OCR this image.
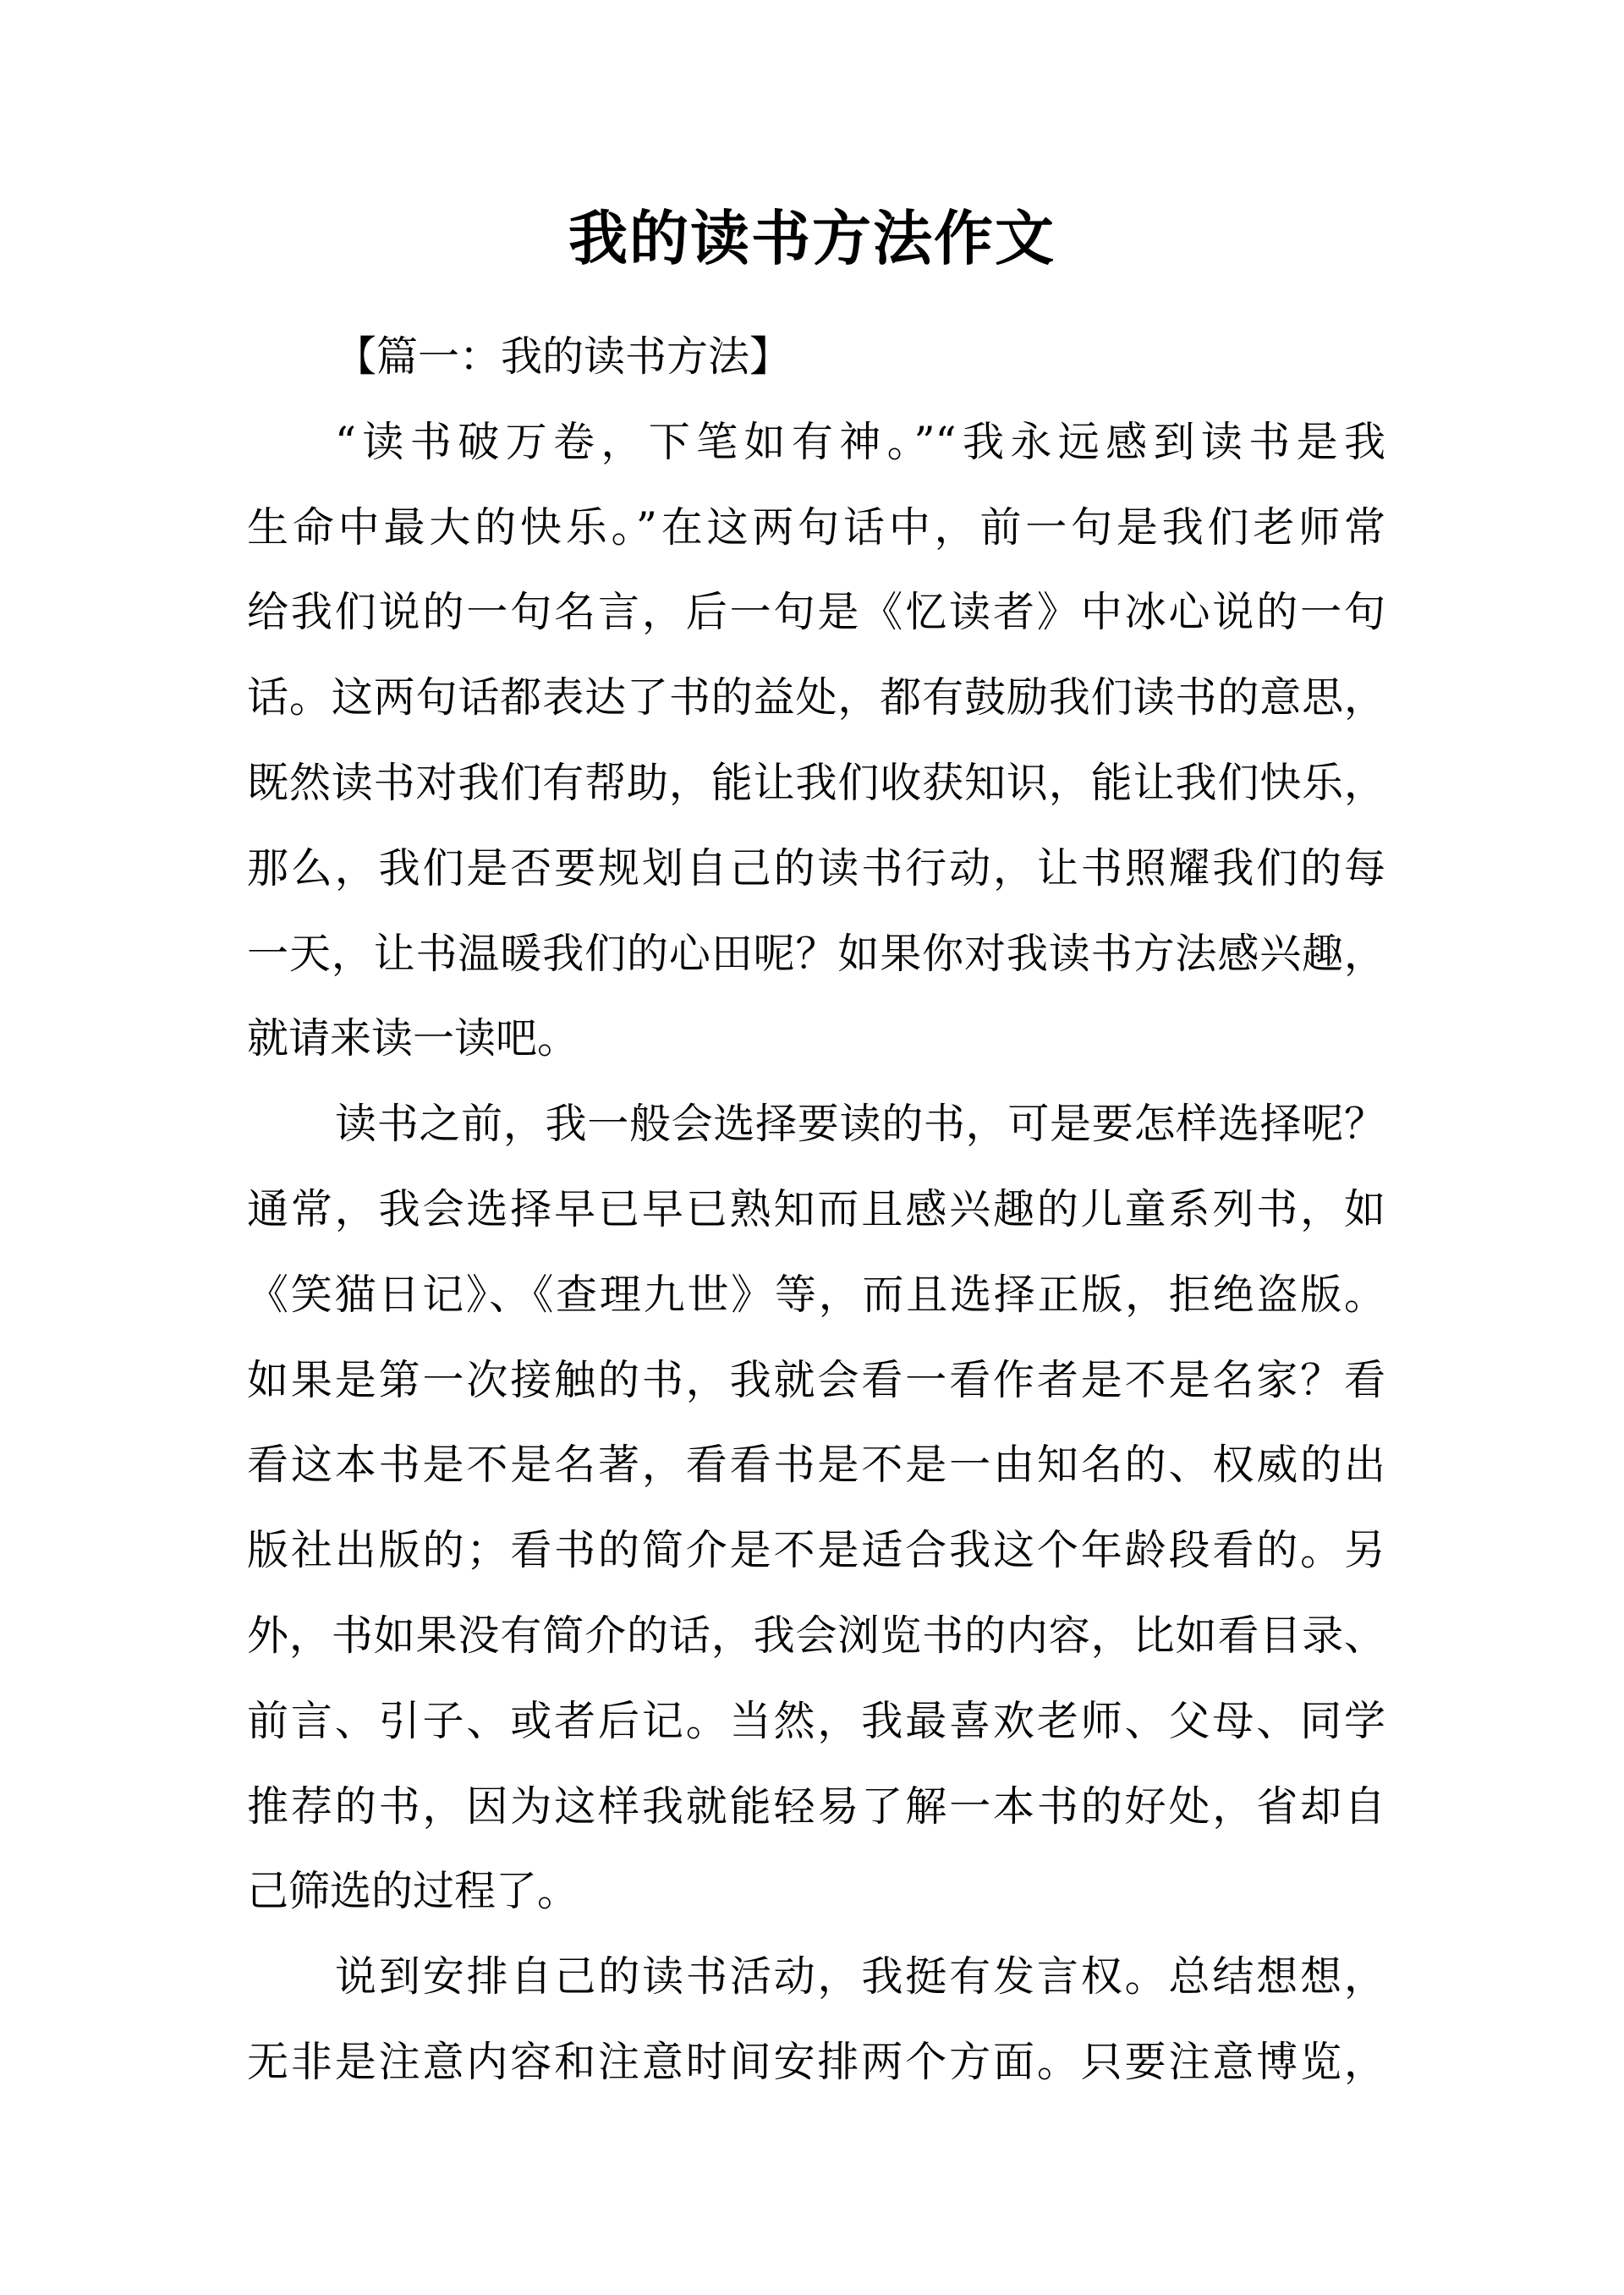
我的读书方法作文
【篇一：我的读书方法】
“读书破万卷，下笔如有神。”“我永远感到读书是我
生命中最大的快乐。”在这两句话中，前一句是我们老师常
给我们说的一句名言，后一句是《忆读者》中冰心说的一句
话。这两句话都表达了书的益处，都有鼓励我们读书的意思，
既然读书对我们有帮助，能让我们收获知识，能让我们快乐，
那么，我们是否要规划自己的读书行动，让书照耀我们的每
一天，让书温暖我们的心田呢？如果你对我读书方法感兴趣，
就请来读一读吧。
读书之前，我一般会选择要读的书，可是要怎样选择呢？
通常，我会选择早已早已熟知而且感兴趣的儿童系列书，如
《笑猫日记》、《查理九世》等，而且选择正版，拒绝盗版。
如果是第一次接触的书，我就会看一看作者是不是名家？看
看这本书是不是名著，看看书是不是一由知名的、权威的出
版社出版的；看书的简介是不是适合我这个年龄段看的。另
外，书如果没有简介的话，我会浏览书的内容，比如看目录、
前言、引子、或者后记。当然，我最喜欢老师、父母、同学
推荐的书，因为这样我就能轻易了解一本书的好处，省却自
己筛选的过程了。
说到安排自己的读书活动，我挺有发言权。总结想想，
无非是注意内容和注意时间安排两个方面。只要注意博览，
